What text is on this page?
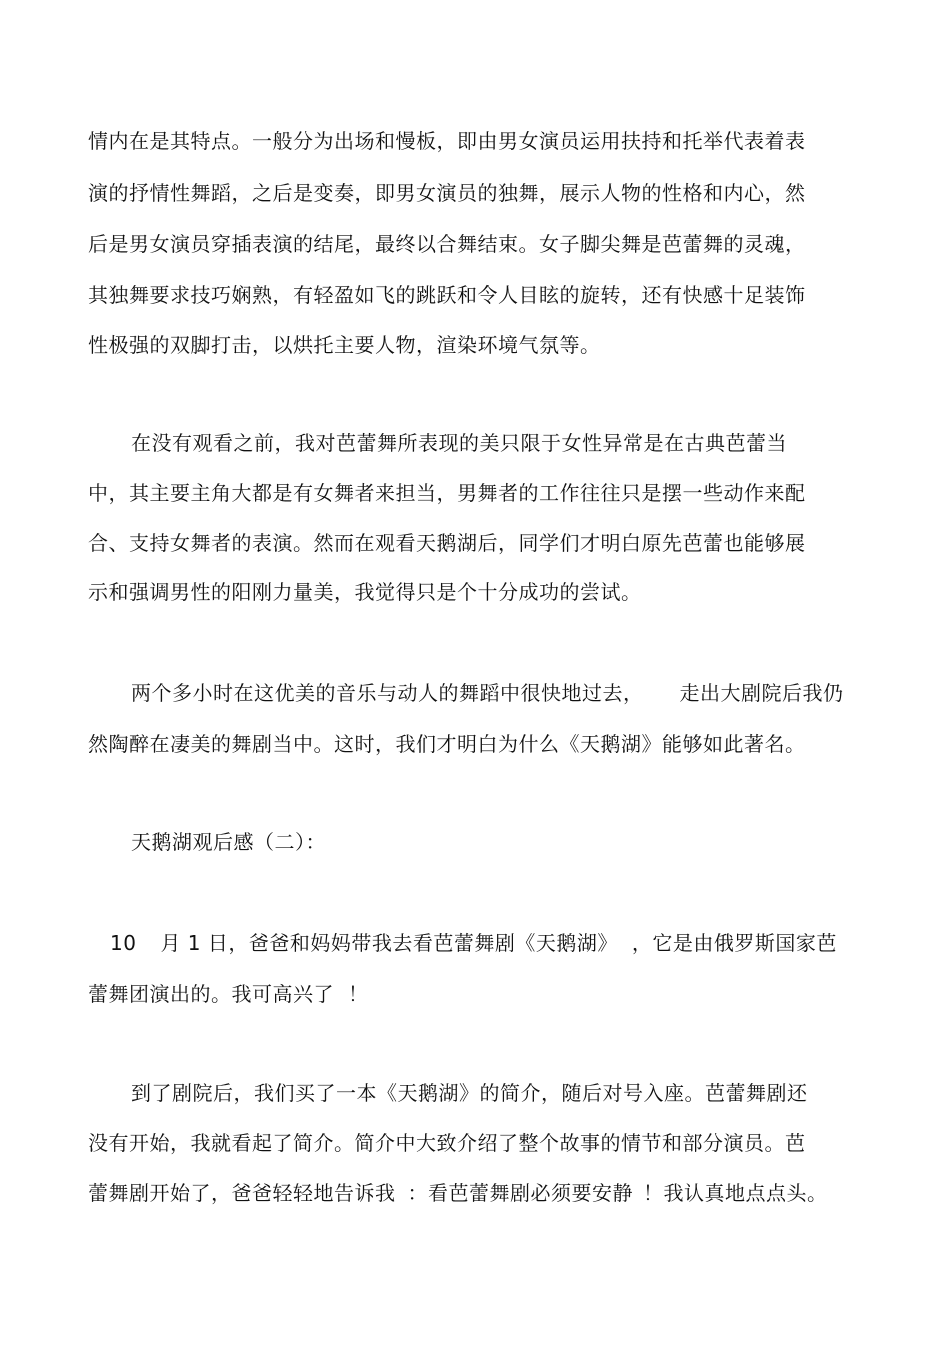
情内在是其特点。一般分为出场和慢板，即由男女演员运用扶持和托举代表着表
演的抒情性舞蹈，之后是变奏，即男女演员的独舞，展示人物的性格和内心，然
后是男女演员穿插表演的结尾，最终以合舞结束。女子脚尖舞是芭蕾舞的灵魂，
其独舞要求技巧娴熟，有轻盈如飞的跳跃和令人目眩的旋转，还有快感十足装饰
性极强的双脚打击，以烘托主要人物，渲染环境气氛等。
在没有观看之前，我对芭蕾舞所表现的美只限于女性异常是在古典芭蕾当
中，其主要主角大都是有女舞者来担当，男舞者的工作往往只是摆一些动作来配
合、支持女舞者的表演。然而在观看天鹅湖后，同学们才明白原先芭蕾也能够展
示和强调男性的阳刚力量美，我觉得只是个十分成功的尝试。
两个多小时在这优美的音乐与动人的舞蹈中很快地过去， 走出大剧院后我仍
然陶醉在凄美的舞剧当中。这时，我们才明白为什么《天鹅湖》能够如此著名。
天鹅湖观后感（二）：
10 月 1 日，爸爸和妈妈带我去看芭蕾舞剧《天鹅湖》 ，它是由俄罗斯国家芭
蕾舞团演出的。我可高兴了 ！
到了剧院后，我们买了一本《天鹅湖》的简介，随后对号入座。芭蕾舞剧还
没有开始，我就看起了简介。简介中大致介绍了整个故事的情节和部分演员。芭
蕾舞剧开始了，爸爸轻轻地告诉我 ：看芭蕾舞剧必须要安静 ！我认真地点点头。
